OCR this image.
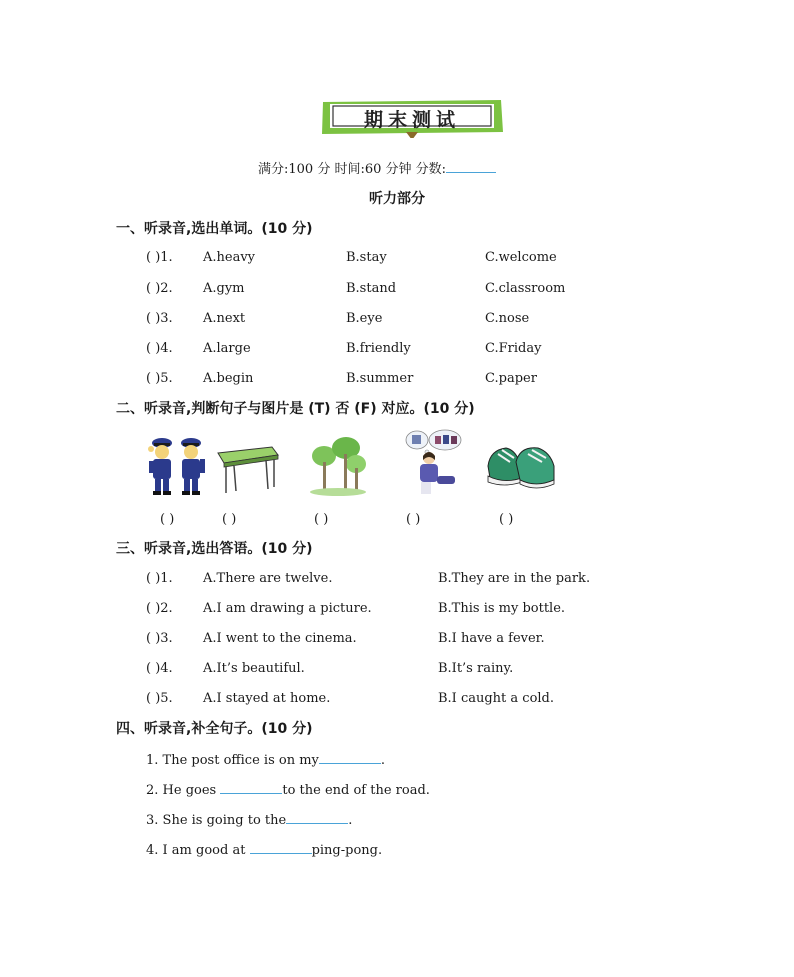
期末测试
满分:100 分 时间:60 分钟 分数:
听力部分
一、听录音,选出单词。(10 分)
( )1. A.heavy	B.stay	C.welcome
( )2. A.gym	B.stand	C.classroom
( )3. A.next	B.eye	C.nose
( )4. A.large	B.friendly	C.Friday
( )5. A.begin	B.summer	C.paper
二、听录音,判断句子与图片是 (T) 否 (F) 对应。(10 分)
( )	( )	( )	( )	( )
三、听录音,选出答语。(10 分)
( )1. A.There are twelve.	B.They are in the park.
( )2. A.I am drawing a picture.	B.This is my bottle.
( )3. A.I went to the cinema.	B.I have a fever.
( )4. A.It’s beautiful.	B.It’s rainy.
( )5. A.I stayed at home.	B.I caught a cold.
四、听录音,补全句子。(10 分)
1. The post office is on my	.
2. He goes	to the end of the road.
3. She is going to the	.
4. I am good at	ping-pong.
